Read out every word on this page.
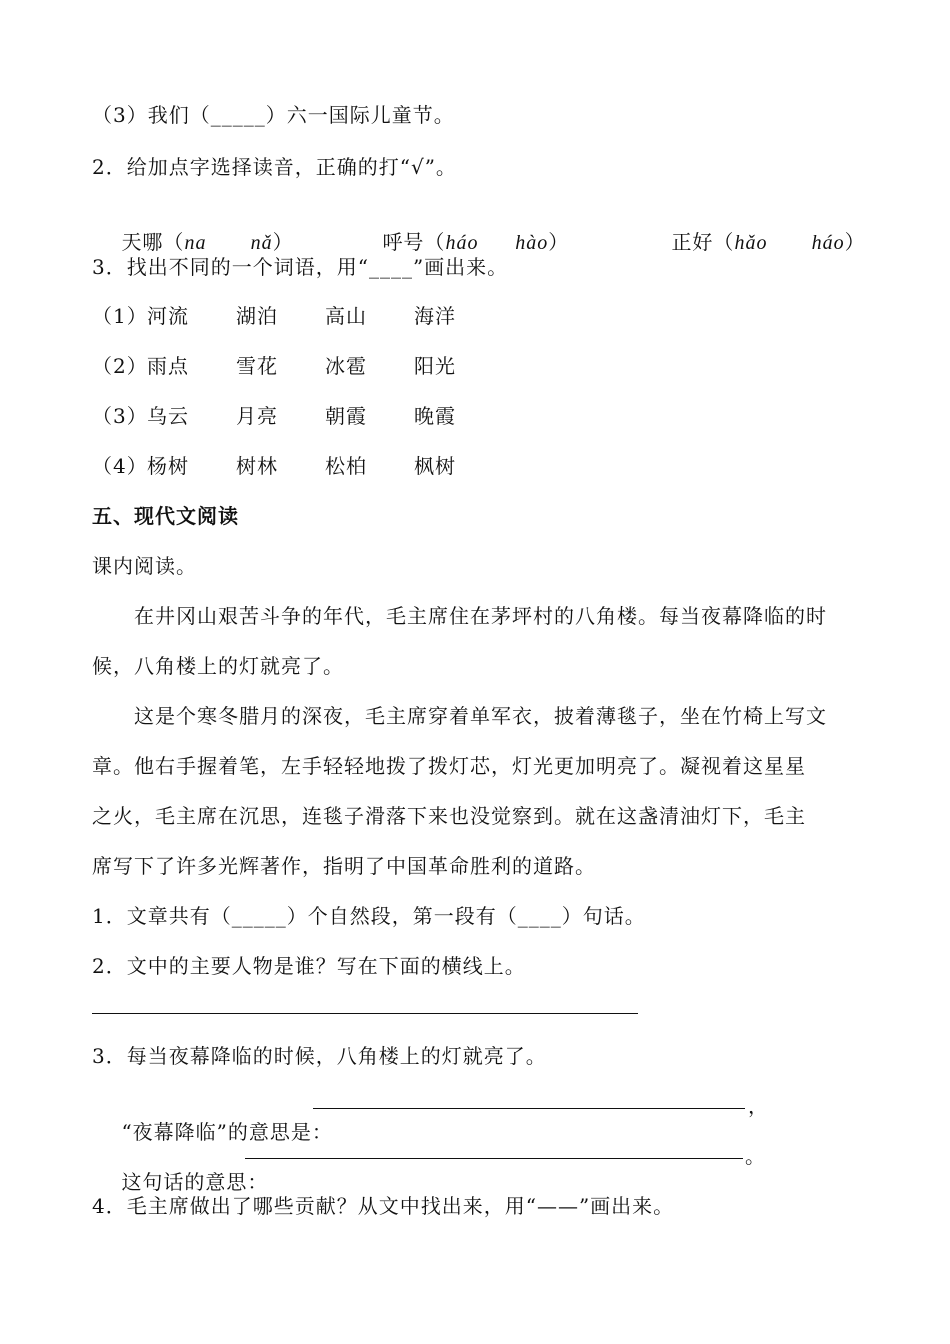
（3）我们（_____）六一国际儿童节。
2．给加点字选择读音，正确的打“√”。

天哪（na nǎ）
	呼号（háo hào）
	正好（hǎo háo）

3．找出不同的一个词语，用“____”画出来。
（1） 河流 湖泊 高山 海洋
（2） 雨点 雪花 冰雹 阳光
（3） 乌云 月亮 朝霞 晚霞
（4） 杨树 树林 松柏 枫树
五、现代文阅读
课内阅读。
　　在井冈山艰苦斗争的年代，毛主席住在茅坪村的八角楼。每当夜幕降临的时
候，八角楼上的灯就亮了。
　　这是个寒冬腊月的深夜，毛主席穿着单军衣，披着薄毯子，坐在竹椅上写文
章。他右手握着笔，左手轻轻地拨了拨灯芯，灯光更加明亮了。凝视着这星星
之火，毛主席在沉思，连毯子滑落下来也没觉察到。就在这盏清油灯下，毛主
席写下了许多光辉著作，指明了中国革命胜利的道路。
1．文章共有（_____）个自然段，第一段有（____）句话。
2．文中的主要人物是谁？写在下面的横线上。
3．每当夜幕降临的时候，八角楼上的灯就亮了。

“夜幕降临”的意思是：

，

这句话的意思：

。
4．毛主席做出了哪些贡献？从文中找出来，用“——”画出来。
